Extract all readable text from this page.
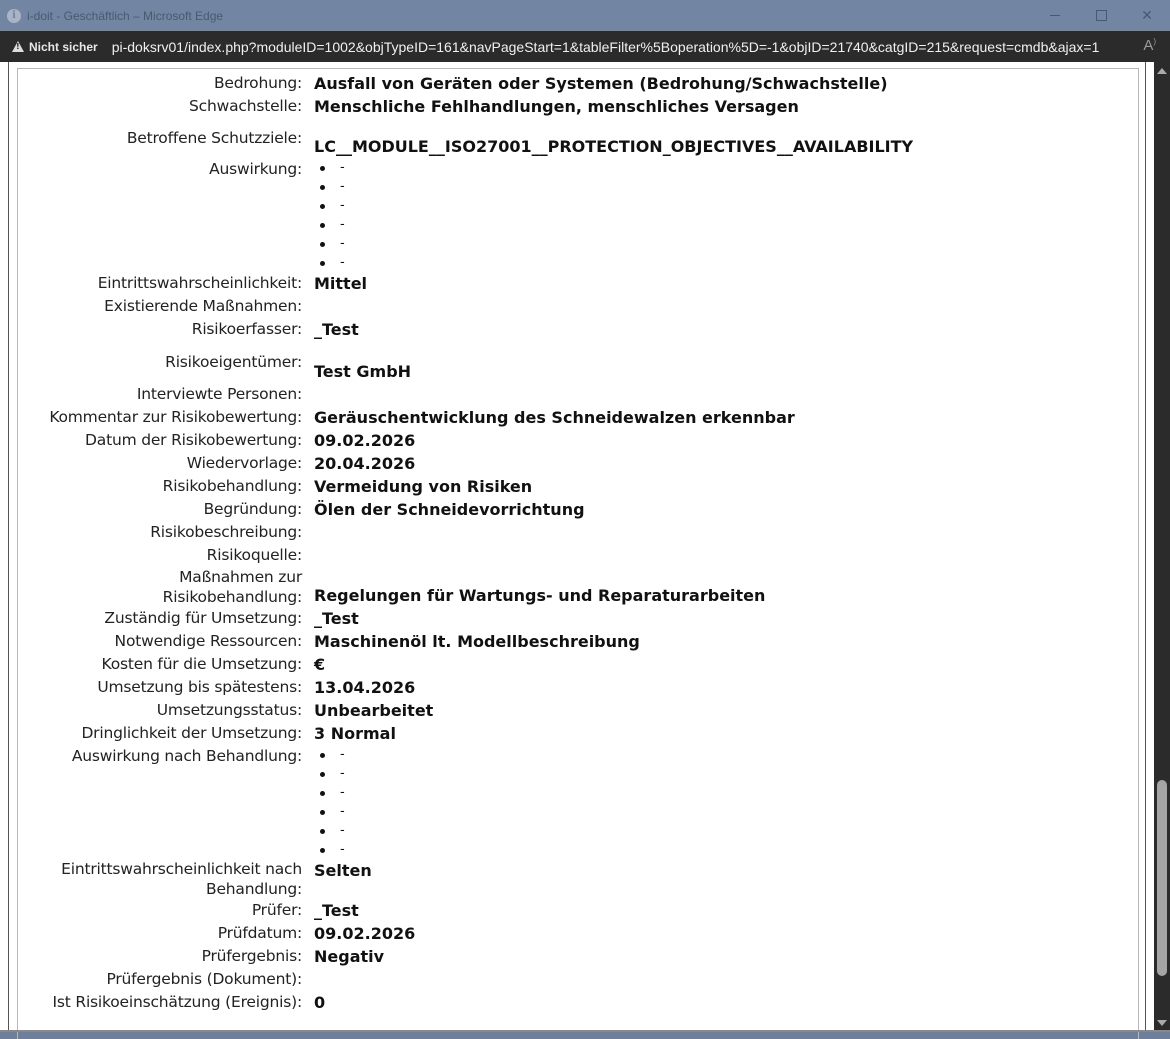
i i-doit - Geschäftlich – Microsoft Edge	✕
!
Nicht sicher pi-doksrv01/index.php?moduleID=1002&objTypeID=161&navPageStart=1&tableFilter%5Boperation%5D=-1&objID=21740&catgID=215&request=cmdb&ajax=1	A)
Bedrohung:	Ausfall von Geräten oder Systemen (Bedrohung/Schwachstelle)
Schwachstelle:	Menschliche Fehlhandlungen, menschliches Versagen
Betroffene Schutzziele:	LC__MODULE__ISO27001__PROTECTION_OBJECTIVES__AVAILABILITY
Auswirkung:	-
-
-
-
-
-

Eintrittswahrscheinlichkeit:	Mittel
Existierende Maßnahmen:	
Risikoerfasser:	_Test
Risikoeigentümer:	Test GmbH
Interviewte Personen:	
Kommentar zur Risikobewertung:	Geräuschentwicklung des Schneidewalzen erkennbar
Datum der Risikobewertung:	09.02.2026
Wiedervorlage:	20.04.2026
Risikobehandlung:	Vermeidung von Risiken
Begründung:	Ölen der Schneidevorrichtung
Risikobeschreibung:	
Risikoquelle:	
Maßnahmen zur
Risikobehandlung:	Regelungen für Wartungs- und Reparaturarbeiten
Zuständig für Umsetzung:	_Test
Notwendige Ressourcen:	Maschinenöl lt. Modellbeschreibung
Kosten für die Umsetzung:	€
Umsetzung bis spätestens:	13.04.2026
Umsetzungsstatus:	Unbearbeitet
Dringlichkeit der Umsetzung:	3 Normal
Auswirkung nach Behandlung:	-
-
-
-
-
-

Eintrittswahrscheinlichkeit nach
Behandlung:	Selten
Prüfer:	_Test
Prüfdatum:	09.02.2026
Prüfergebnis:	Negativ
Prüfergebnis (Dokument):	
Ist Risikoeinschätzung (Ereignis):	0
